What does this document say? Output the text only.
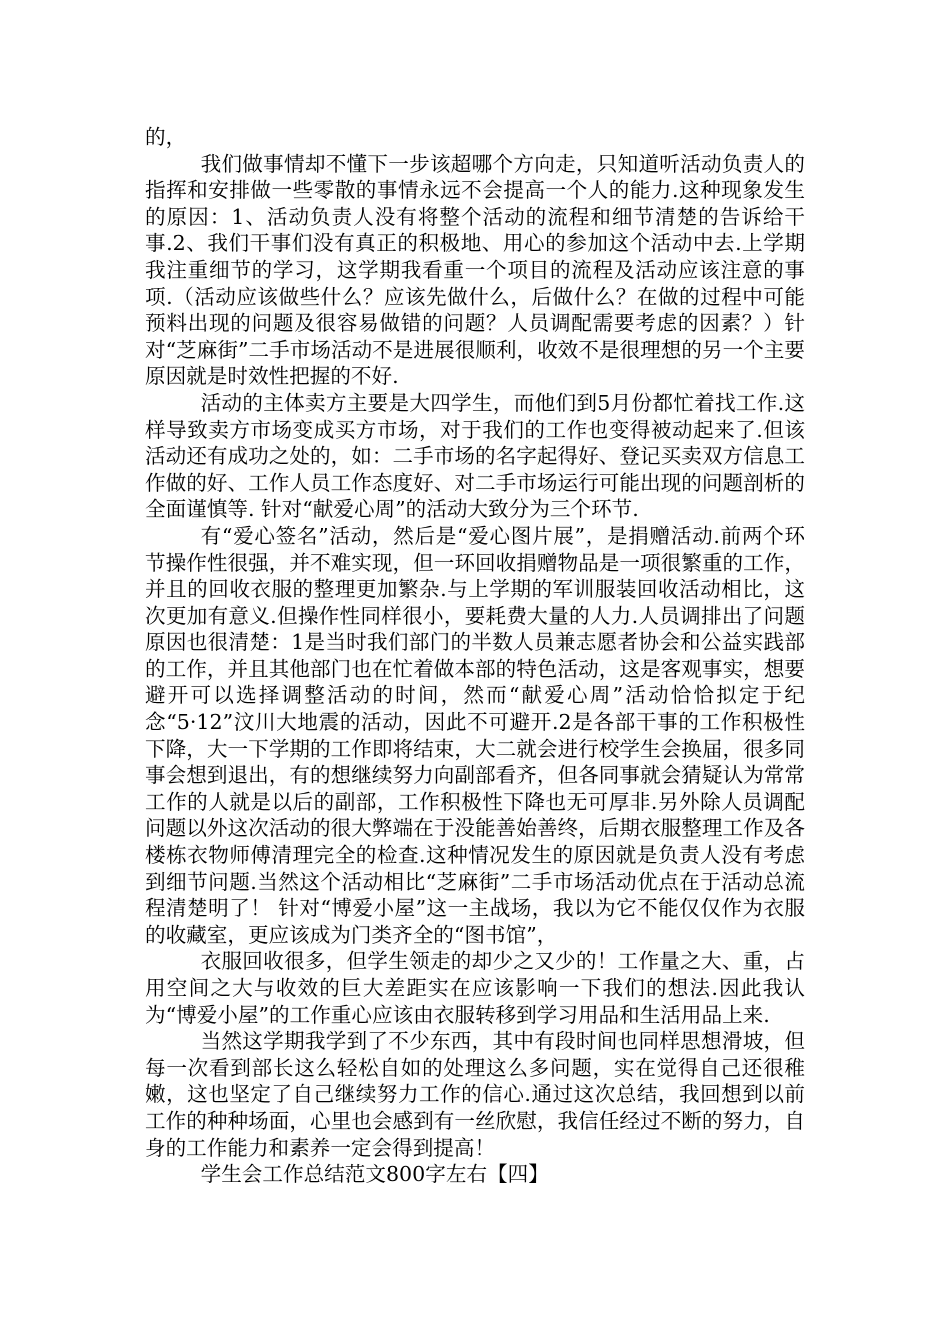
的，

我们做事情却不懂下一步该超哪个方向走，只知道听活动负责人的指挥和安排做一些零散的事情永远不会提高一个人的能力.这种现象发生的原因：1、活动负责人没有将整个活动的流程和细节清楚的告诉给干事.2、我们干事们没有真正的积极地、用心的参加这个活动中去.上学期我注重细节的学习，这学期我看重一个项目的流程及活动应该注意的事项.（活动应该做些什么？应该先做什么，后做什么？在做的过程中可能预料出现的问题及很容易做错的问题？人员调配需要考虑的因素？）针对“芝麻街”二手市场活动不是进展很顺利，收效不是很理想的另一个主要原因就是时效性把握的不好.

活动的主体卖方主要是大四学生，而他们到5月份都忙着找工作.这样导致卖方市场变成买方市场，对于我们的工作也变得被动起来了.但该活动还有成功之处的，如：二手市场的名字起得好、登记买卖双方信息工作做的好、工作人员工作态度好、对二手市场运行可能出现的问题剖析的全面谨慎等. 针对“献爱心周”的活动大致分为三个环节.

有“爱心签名”活动，然后是“爱心图片展”，是捐赠活动.前两个环节操作性很强，并不难实现，但一环回收捐赠物品是一项很繁重的工作，并且的回收衣服的整理更加繁杂.与上学期的军训服装回收活动相比，这次更加有意义.但操作性同样很小，要耗费大量的人力.人员调排出了问题原因也很清楚：1是当时我们部门的半数人员兼志愿者协会和公益实践部的工作，并且其他部门也在忙着做本部的特色活动，这是客观事实，想要避开可以选择调整活动的时间，然而“献爱心周”活动恰恰拟定于纪念“5·12”汶川大地震的活动，因此不可避开.2是各部干事的工作积极性下降，大一下学期的工作即将结束，大二就会进行校学生会换届，很多同事会想到退出，有的想继续努力向副部看齐，但各同事就会猜疑认为常常工作的人就是以后的副部，工作积极性下降也无可厚非.另外除人员调配问题以外这次活动的很大弊端在于没能善始善终，后期衣服整理工作及各楼栋衣物师傅清理完全的检查.这种情况发生的原因就是负责人没有考虑到细节问题.当然这个活动相比“芝麻街”二手市场活动优点在于活动总流程清楚明了！ 针对“博爱小屋”这一主战场，我以为它不能仅仅作为衣服的收藏室，更应该成为门类齐全的“图书馆”，

衣服回收很多，但学生领走的却少之又少的！工作量之大、重，占用空间之大与收效的巨大差距实在应该影响一下我们的想法.因此我认为“博爱小屋”的工作重心应该由衣服转移到学习用品和生活用品上来.

当然这学期我学到了不少东西，其中有段时间也同样思想滑坡，但每一次看到部长这么轻松自如的处理这么多问题，实在觉得自己还很稚嫩，这也坚定了自己继续努力工作的信心.通过这次总结，我回想到以前工作的种种场面，心里也会感到有一丝欣慰，我信任经过不断的努力，自身的工作能力和素养一定会得到提高！

学生会工作总结范文800字左右【四】
